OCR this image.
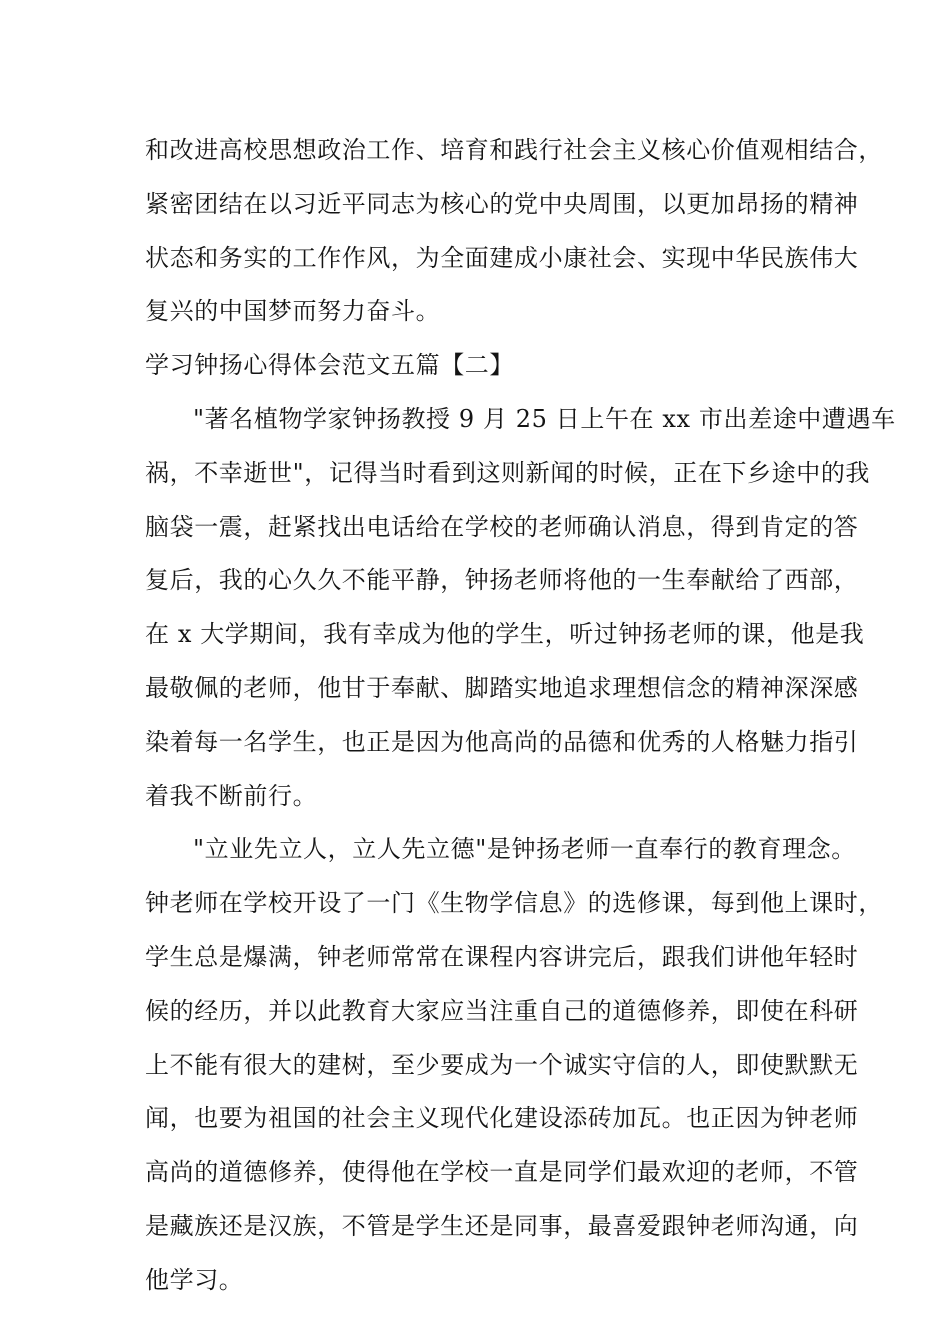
和改进高校思想政治工作、培育和践行社会主义核心价值观相结合，
紧密团结在以习近平同志为核心的党中央周围，以更加昂扬的精神
状态和务实的工作作风，为全面建成小康社会、实现中华民族伟大
复兴的中国梦而努力奋斗。
学习钟扬心得体会范文五篇【二】
"著名植物学家钟扬教授 9 月 25 日上午在 xx 市出差途中遭遇车
祸，不幸逝世"，记得当时看到这则新闻的时候，正在下乡途中的我
脑袋一震，赶紧找出电话给在学校的老师确认消息，得到肯定的答
复后，我的心久久不能平静，钟扬老师将他的一生奉献给了西部，
在 x 大学期间，我有幸成为他的学生，听过钟扬老师的课，他是我
最敬佩的老师，他甘于奉献、脚踏实地追求理想信念的精神深深感
染着每一名学生，也正是因为他高尚的品德和优秀的人格魅力指引
着我不断前行。
"立业先立人，立人先立德"是钟扬老师一直奉行的教育理念。
钟老师在学校开设了一门《生物学信息》的选修课，每到他上课时，
学生总是爆满，钟老师常常在课程内容讲完后，跟我们讲他年轻时
候的经历，并以此教育大家应当注重自己的道德修养，即使在科研
上不能有很大的建树，至少要成为一个诚实守信的人，即使默默无
闻，也要为祖国的社会主义现代化建设添砖加瓦。也正因为钟老师
高尚的道德修养，使得他在学校一直是同学们最欢迎的老师，不管
是藏族还是汉族，不管是学生还是同事，最喜爱跟钟老师沟通，向
他学习。
